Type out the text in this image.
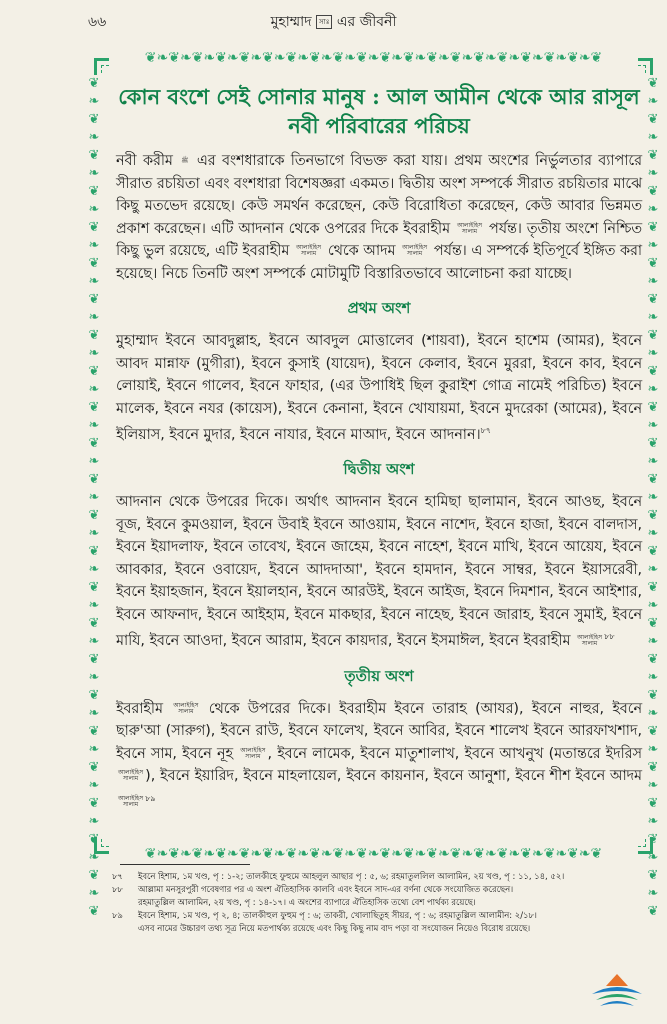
৬৬	মুহাম্মাদ সাঃ এর জীবনী
❦❧❦❧❦❧❦❧❦❧❦❧❦❧❦❧❦❧❦❧❦❧❦❧❦❧❦❧❦❧❦❧❦❧❦❧❦❧❦
❦❧❦❧❦❧❦❧❦❧❦❧❦❧❦❧❦❧❦❧❦❧❦❧❦❧❦❧❦❧❦❧❦❧❦❧❦❧❦
❦❧❦❧❦❧❦❧❦❧❦❧❦❧❦❧❦❧❦❧❦❧❦❧❦❧❦❧❦❧❦❧❦❧❦❧❦❧❦❧❦❧❦❧❦❧❦
❦❧❦❧❦❧❦❧❦❧❦❧❦❧❦❧❦❧❦❧❦❧❦❧❦❧❦❧❦❧❦❧❦❧❦❧❦❧❦❧❦❧❦❧❦❧❦
কোন বংশে সেই সোনার মানুষ : আল আমীন থেকে আর রাসূল নবী পরিবারের পরিচয়

নবী করীম ﷺ এর বংশধারাকে তিনভাগে বিভক্ত করা যায়। প্রথম অংশের নির্ভুলতার ব্যাপারে সীরাত রচয়িতা এবং বংশধারা বিশেষজ্ঞরা একমত। দ্বিতীয় অংশ সম্পর্কে সীরাত রচয়িতার মাঝে কিছু মতভেদ রয়েছে। কেউ সমর্থন করেছেন, কেউ বিরোধিতা করেছেন, কেউ আবার ভিন্নমত প্রকাশ করেছেন। এটি আদনান থেকে ওপরের দিকে ইবরাহীম আলাইহিস
সালাম পর্যন্ত। তৃতীয় অংশে নিশ্চিত কিছু ভুল রয়েছে, এটি ইবরাহীম আলাইহিস
সালাম থেকে আদম আলাইহিস
সালাম পর্যন্ত। এ সম্পর্কে ইতিপূর্বে ইঙ্গিত করা হয়েছে। নিচে তিনটি অংশ সম্পর্কে মোটামুটি বিস্তারিতভাবে আলোচনা করা যাচ্ছে।

প্রথম অংশ

মুহাম্মাদ ইবনে আবদুল্লাহ, ইবনে আবদুল মোত্তালেব (শায়বা), ইবনে হাশেম (আমর), ইবনে আবদ মান্নাফ (মুগীরা), ইবনে কুসাই (যায়েদ), ইবনে কেলাব, ইবনে মুররা, ইবনে কাব, ইবনে লোয়াই, ইবনে গালেব, ইবনে ফাহার, (এর উপাধিই ছিল কুরাইশ গোত্র নামেই পরিচিত) ইবনে মালেক, ইবনে নযর (কায়েস), ইবনে কেনানা, ইবনে খোযায়মা, ইবনে মুদরেকা (আমের), ইবনে ইলিয়াস, ইবনে মুদার, ইবনে নাযার, ইবনে মাআদ, ইবনে আদনান।$^{৮৭}$

দ্বিতীয় অংশ

আদনান থেকে উপরের দিকে। অর্থাৎ আদনান ইবনে হামিছা ছালামান, ইবনে আওছ, ইবনে বূজ, ইবনে কুমওয়াল, ইবনে উবাই ইবনে আওয়াম, ইবনে নাশেদ, ইবনে হাজা, ইবনে বালদাস, ইবনে ইয়াদলাফ, ইবনে তাবেখ, ইবনে জাহেম, ইবনে নাহেশ, ইবনে মাখি, ইবনে আয়েয, ইবনে আবকার, ইবনে ওবায়েদ, ইবনে আদদাআ', ইবনে হামদান, ইবনে সাম্বর, ইবনে ইয়াসরেবী, ইবনে ইয়াহজান, ইবনে ইয়ালহান, ইবনে আরউই, ইবনে আইজ, ইবনে দিমশান, ইবনে আইশার, ইবনে আফনাদ, ইবনে আইহাম, ইবনে মাকছার, ইবনে নাহেছ, ইবনে জারাহ, ইবনে সুমাই, ইবনে মাযি, ইবনে আওদা, ইবনে আরাম, ইবনে কায়দার, ইবনে ইসমাঈল, ইবনে ইবরাহীম আলাইহিস
সালাম$^{৮৮}$

তৃতীয় অংশ

ইবরাহীম আলাইহিস
সালাম থেকে উপরের দিকে। ইবরাহীম ইবনে তারাহ (আযর), ইবনে নাহুর, ইবনে ছারু'আ (সারুগ), ইবনে রাউ, ইবনে ফালেখ, ইবনে আবির, ইবনে শালেখ ইবনে আরফাখশাদ, ইবনে সাম, ইবনে নূহ আলাইহিস
সালাম , ইবনে লামেক, ইবনে মাতুশালাখ, ইবনে আখনুখ (মতান্তরে ইদরিস আলাইহিস
সালাম ), ইবনে ইয়ারিদ, ইবনে মাহলায়েল, ইবনে কায়নান, ইবনে আনুশা, ইবনে শীশ ইবনে আদম আলাইহিস
সালাম$^{৮৯}$

৮৭	ইবনে হিশাম, ১ম খণ্ড, পৃ : ১-২; তালকীহে ফুহুমে আহলুল আছার পৃ : ৫, ৬; রহমাতুললিল আলামিন, ২য় খণ্ড, পৃ : ১১, ১৪, ৫২।
৮৮	আল্লামা মনসুরপুরী গবেষণার পর এ অংশ ঐতিহাসিক কালবি এবং ইবনে সাদ-এর বর্ণনা থেকে সংযোজিত করেছেন।
রহমাতুল্লিল আলামিন, ২য় খণ্ড, পৃ : ১৪-১৭। এ অংশের ব্যাপারে ঐতিহাসিক তথ্যে বেশ পার্থক্য রয়েছে।
৮৯	ইবনে হিশাম, ১ম খণ্ড, পৃ ২, ৪; তালকীহুল ফুহুম পৃ : ৬; তাকরী, খোলাছিতুহ সীয়র, পৃ : ৬; রহমাতুল্লিল আলামীন: ২/১৮।
এসব নামের উচ্চারণ তথ্য সূত্র নিয়ে মতপার্থক্য রয়েছে এবং কিছু কিছু নাম বাদ পড়া বা সংযোজন নিয়েও বিরোধ রয়েছে।
